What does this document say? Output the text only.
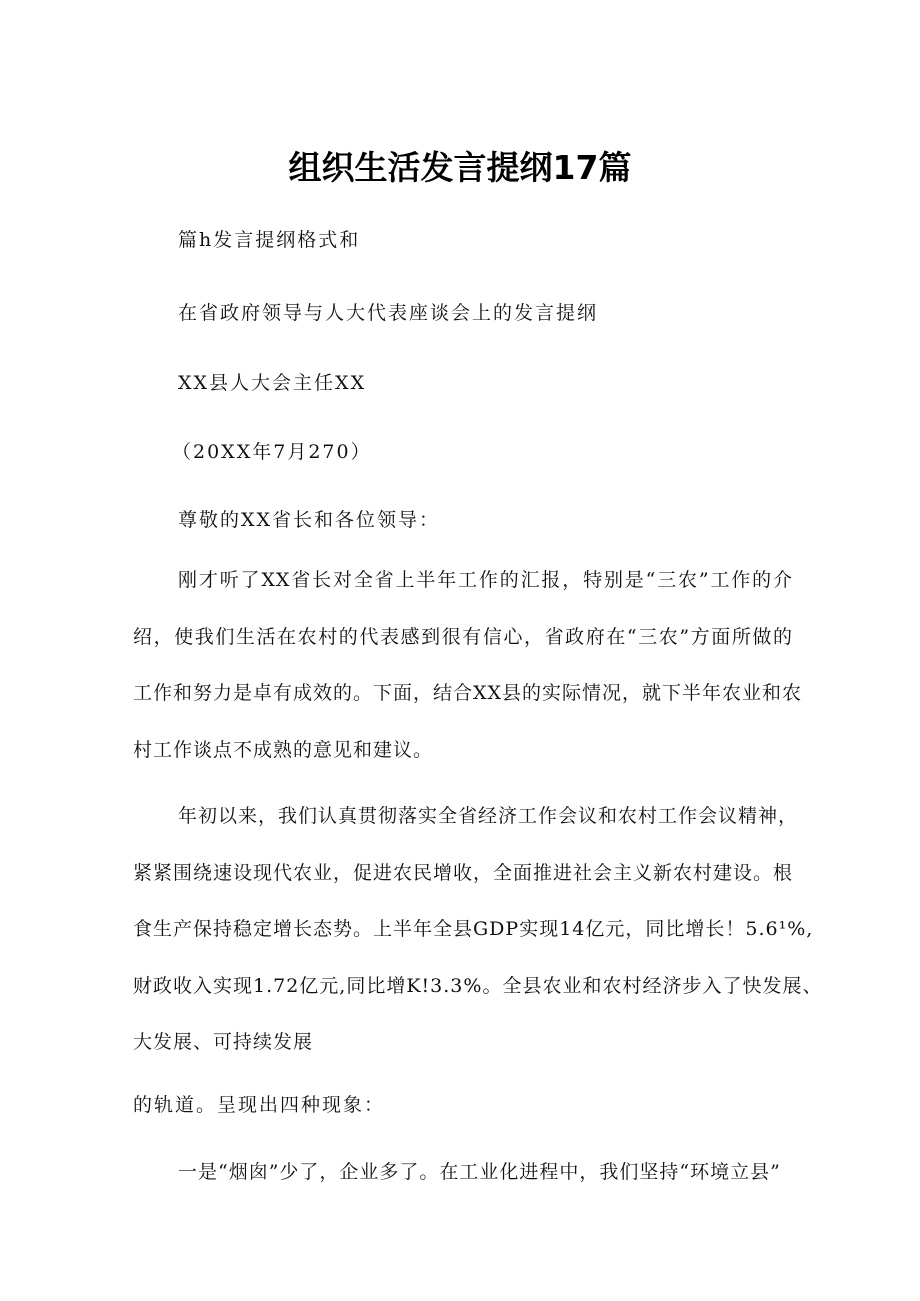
组织生活发言提纲17篇
篇h发言提纲格式和
在省政府领导与人大代表座谈会上的发言提纲
XX县人大会主任XX
（20XX年7月270）
尊敬的XX省长和各位领导：
刚才听了XX省长对全省上半年工作的汇报，特别是“三农”工作的介
绍，使我们生活在农村的代表感到很有信心，省政府在“三农”方面所做的
工作和努力是卓有成效的。下面，结合XX县的实际情况，就下半年农业和农
村工作谈点不成熟的意见和建议。
年初以来，我们认真贯彻落实全省经济工作会议和农村工作会议精神，
紧紧围绕速设现代农业，促进农民增收，全面推进社会主义新农村建设。根
食生产保持稳定增长态势。上半年全县GDP实现14亿元，同比增长！5.6¹%,
财政收入实现1.72亿元,同比增K!3.3%。全县农业和农村经济步入了快发展、
大发展、可持续发展
的轨道。呈现出四种现象：
一是“烟囱”少了，企业多了。在工业化进程中，我们坚持“环境立县”
